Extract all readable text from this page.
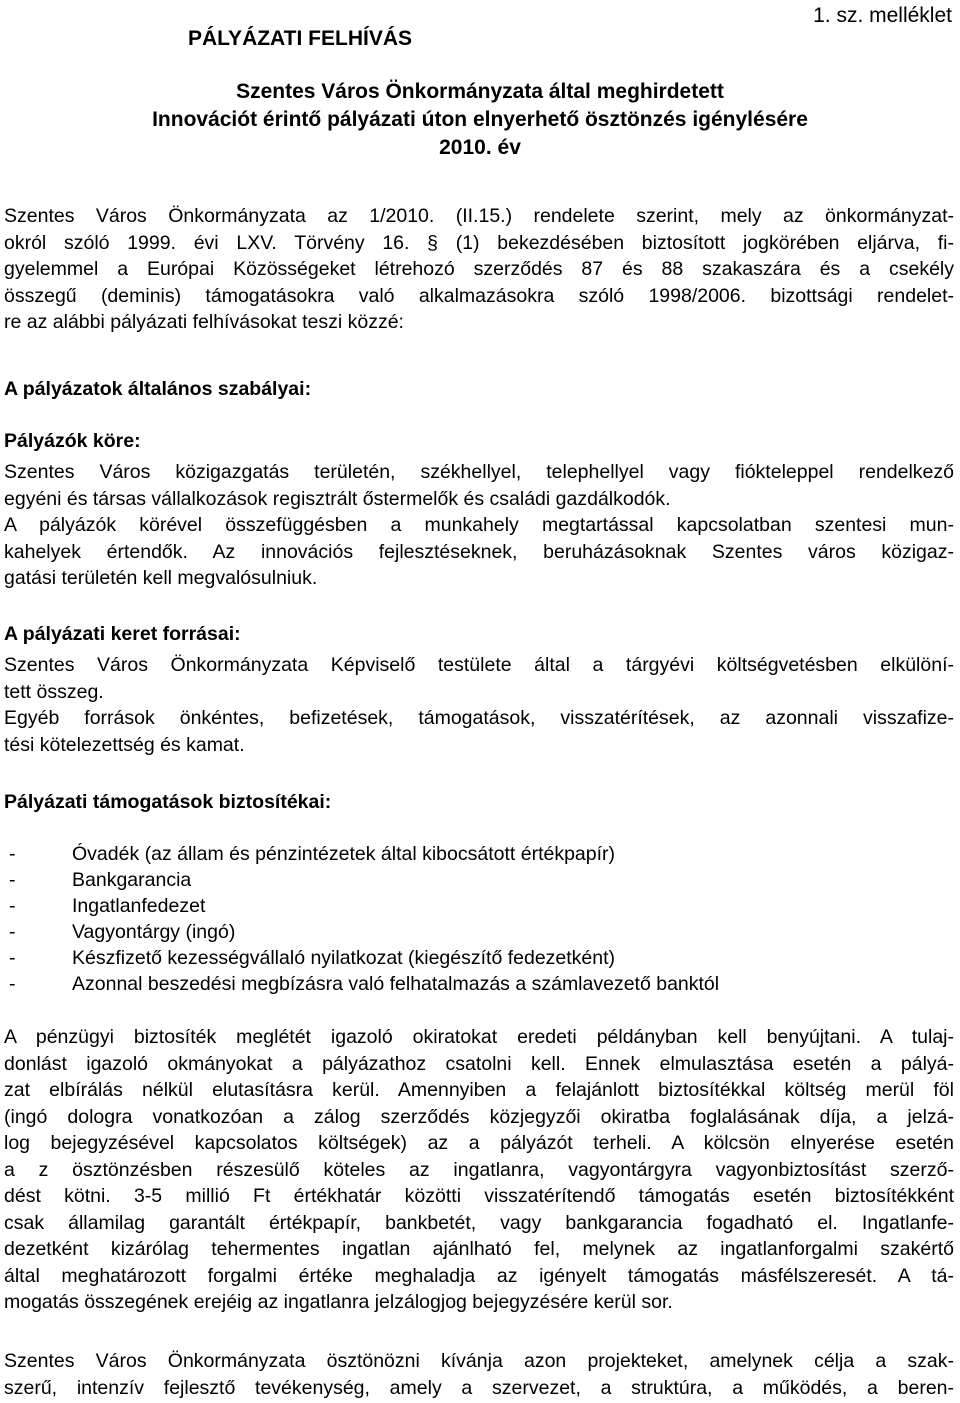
PÁLYÁZATI FELHÍVÁS
1. sz. melléklet
Szentes Város Önkormányzata által meghirdetett
Innovációt érintő pályázati úton elnyerhető ösztönzés igénylésére
2010. év
Szentes Város Önkormányzata az 1/2010. (II.15.) rendelete szerint, mely az önkormányzat-
okról szóló 1999. évi LXV. Törvény 16. § (1) bekezdésében biztosított jogkörében eljárva, fi-
gyelemmel a Európai Közösségeket létrehozó szerződés 87 és 88 szakaszára és a csekély
összegű (deminis) támogatásokra való alkalmazásokra szóló 1998/2006. bizottsági rendelet-
re az alábbi pályázati felhívásokat teszi közzé:
A pályázatok általános szabályai:
Pályázók köre:
Szentes Város közigazgatás területén, székhellyel, telephellyel vagy fiókteleppel rendelkező
egyéni és társas vállalkozások regisztrált őstermelők és családi gazdálkodók.
A pályázók körével összefüggésben a munkahely megtartással kapcsolatban szentesi mun-
kahelyek értendők. Az innovációs fejlesztéseknek, beruházásoknak Szentes város közigaz-
gatási területén kell megvalósulniuk.
A pályázati keret forrásai:
Szentes Város Önkormányzata Képviselő testülete által a tárgyévi költségvetésben elkülöní-
tett összeg.
Egyéb források önkéntes, befizetések, támogatások, visszatérítések, az azonnali visszafize-
tési kötelezettség és kamat.
Pályázati támogatások biztosítékai:
-	Óvadék (az állam és pénzintézetek által kibocsátott értékpapír)
-	Bankgarancia
-	Ingatlanfedezet
-	Vagyontárgy (ingó)
-	Készfizető kezességvállaló nyilatkozat (kiegészítő fedezetként)
-	Azonnal beszedési megbízásra való felhatalmazás a számlavezető banktól
A pénzügyi biztosíték meglétét igazoló okiratokat eredeti példányban kell benyújtani. A tulaj-
donlást igazoló okmányokat a pályázathoz csatolni kell. Ennek elmulasztása esetén a pályá-
zat elbírálás nélkül elutasításra kerül. Amennyiben a felajánlott biztosítékkal költség merül föl
(ingó dologra vonatkozóan a zálog szerződés közjegyzői okiratba foglalásának díja, a jelzá-
log bejegyzésével kapcsolatos költségek) az a pályázót terheli. A kölcsön elnyerése esetén
a z ösztönzésben részesülő köteles az ingatlanra, vagyontárgyra vagyonbiztosítást szerző-
dést kötni. 3-5 millió Ft értékhatár közötti visszatérítendő támogatás esetén biztosítékként
csak államilag garantált értékpapír, bankbetét, vagy bankgarancia fogadható el. Ingatlanfe-
dezetként kizárólag tehermentes ingatlan ajánlható fel, melynek az ingatlanforgalmi szakértő
által meghatározott forgalmi értéke meghaladja az igényelt támogatás másfélszeresét. A tá-
mogatás összegének erejéig az ingatlanra jelzálogjog bejegyzésére kerül sor.
Szentes Város Önkormányzata ösztönözni kívánja azon projekteket, amelynek célja a szak-
szerű, intenzív fejlesztő tevékenység, amely a szervezet, a struktúra, a működés, a beren-
